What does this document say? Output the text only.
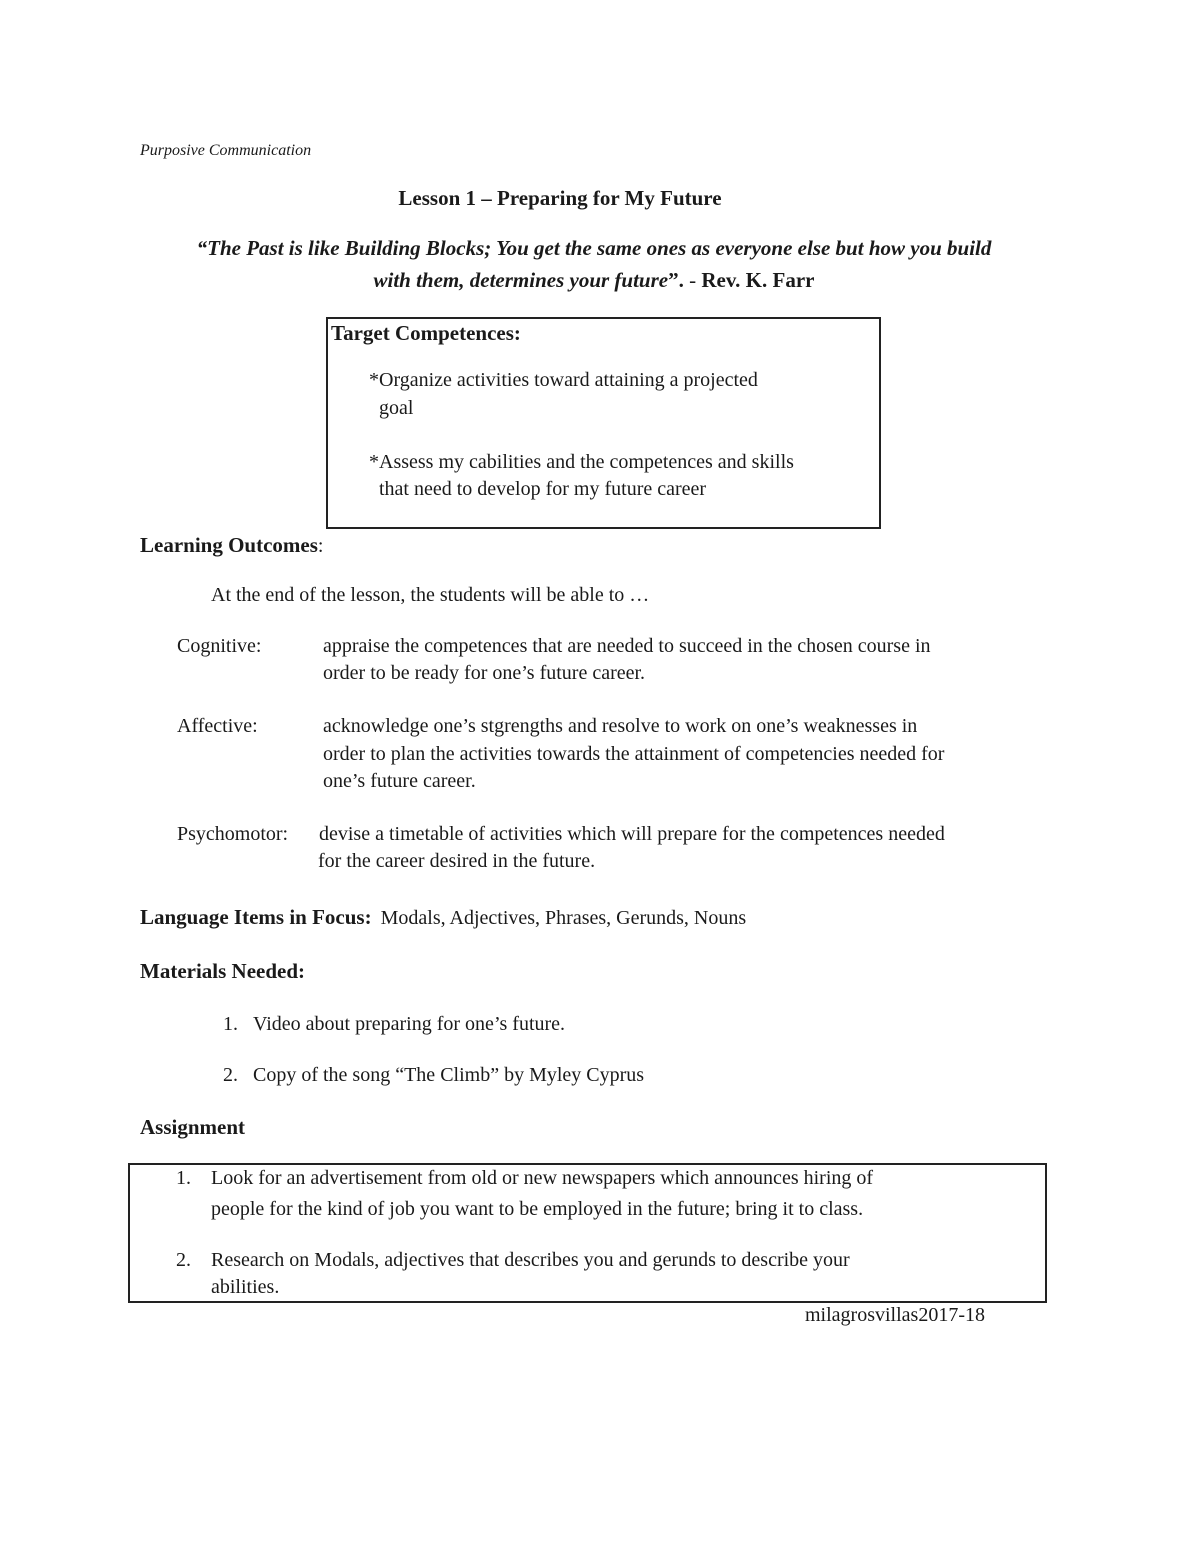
Purposive Communication
Lesson 1 – Preparing for My Future
“The Past is like Building Blocks; You get the same ones as everyone else but how you build
with them, determines your future”. - Rev. K. Farr
Target Competences:
*Organize activities toward attaining a projected
goal
*Assess my cabilities and the competences and skills
that need to develop for my future career
Learning Outcomes:
At the end of the lesson, the students will be able to …
Cognitive:	appraise the competences that are needed to succeed in the chosen course in
order to be ready for one’s future career.
Affective:	acknowledge one’s stgrengths and resolve to work on one’s weaknesses in
order to plan the activities towards the attainment of competencies needed for
one’s future career.
Psychomotor: devise a timetable of activities which will prepare for the competences needed
for the career desired in the future.
Language Items in Focus: Modals, Adjectives, Phrases, Gerunds, Nouns
Materials Needed:
1. Video about preparing for one’s future.
2. Copy of the song “The Climb” by Myley Cyprus
Assignment
1. Look for an advertisement from old or new newspapers which announces hiring of
people for the kind of job you want to be employed in the future; bring it to class.
2. Research on Modals, adjectives that describes you and gerunds to describe your
abilities.
milagrosvillas2017-18
